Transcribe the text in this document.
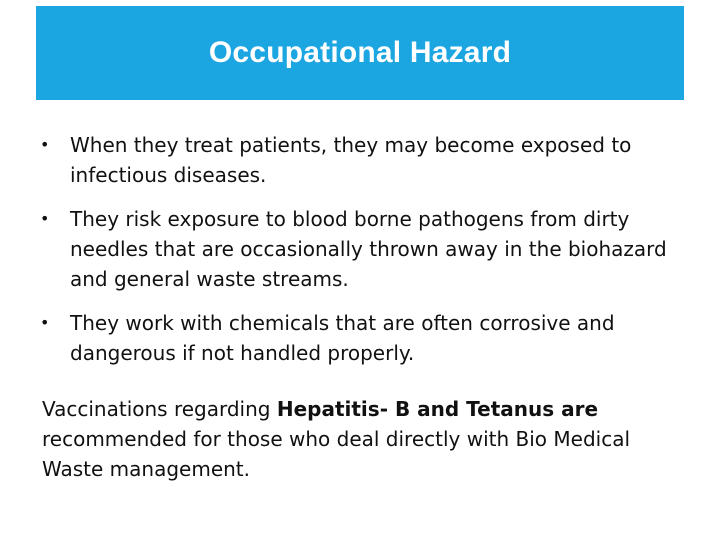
Occupational Hazard
• When they treat patients, they may become exposed to infectious diseases.
• They risk exposure to blood borne pathogens from dirty needles that are occasionally thrown away in the biohazard and general waste streams.
• They work with chemicals that are often corrosive and dangerous if not handled properly.

Vaccinations regarding Hepatitis- B and Tetanus are recommended for those who deal directly with Bio Medical Waste management.
